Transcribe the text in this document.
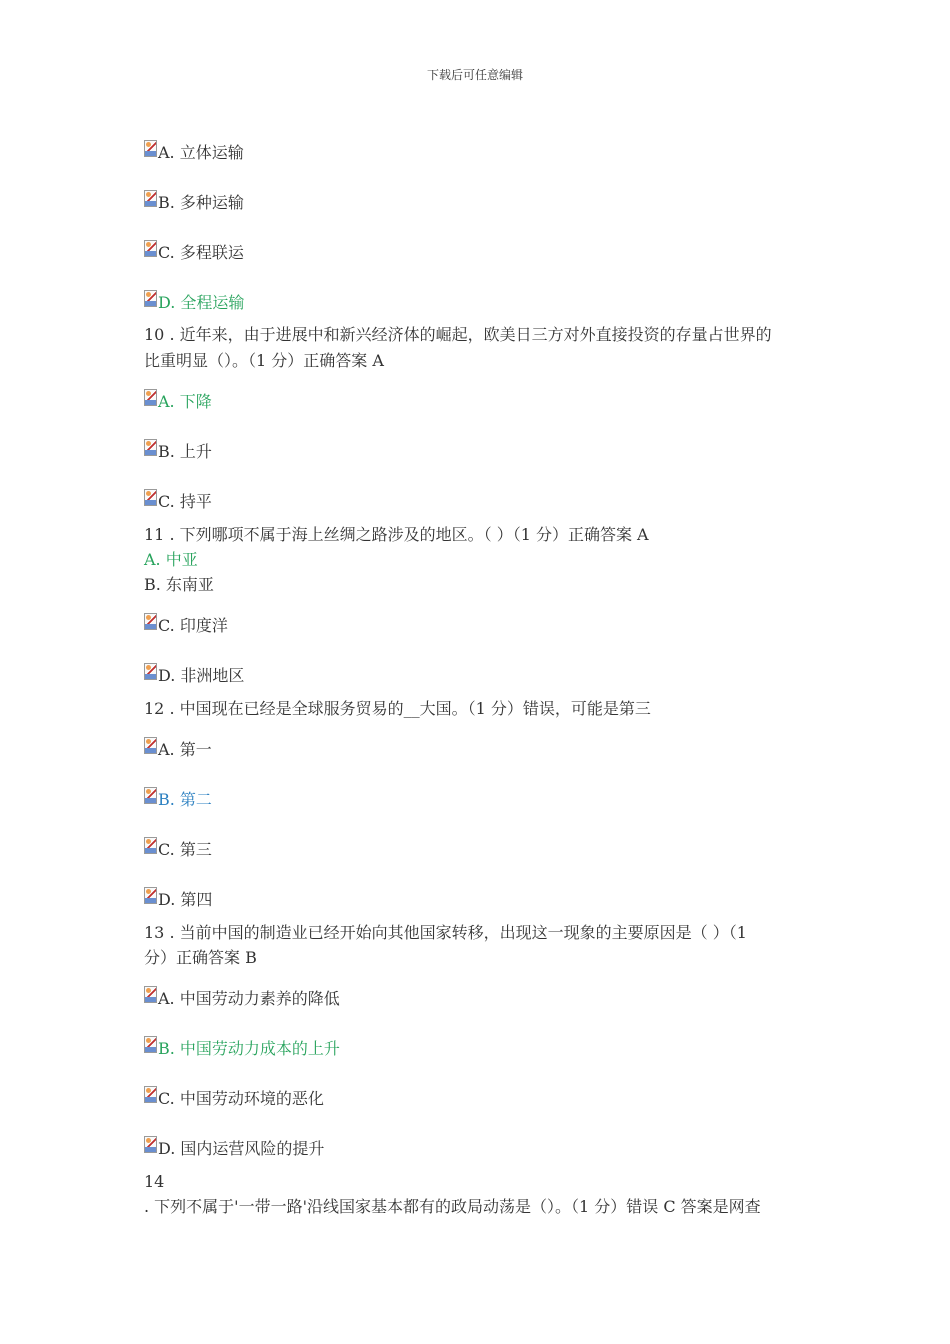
下载后可任意编辑
A. 立体运输
B. 多种运输
C. 多程联运
D. 全程运输
10 . 近年来，由于进展中和新兴经济体的崛起，欧美日三方对外直接投资的存量占世界的
比重明显（）。（1 分）正确答案 A
A. 下降
B. 上升
C. 持平
11 . 下列哪项不属于海上丝绸之路涉及的地区。（ ）（1 分）正确答案 A
A. 中亚
B. 东南亚
C. 印度洋
D. 非洲地区
12 . 中国现在已经是全球服务贸易的__大国。（1 分）错误，可能是第三
A. 第一
B. 第二
C. 第三
D. 第四
13 . 当前中国的制造业已经开始向其他国家转移，出现这一现象的主要原因是（ ）（1
分）正确答案 B
A. 中国劳动力素养的降低
B. 中国劳动力成本的上升
C. 中国劳动环境的恶化
D. 国内运营风险的提升
14
. 下列不属于'一带一路'沿线国家基本都有的政局动荡是（）。（1 分）错误 C 答案是网查
